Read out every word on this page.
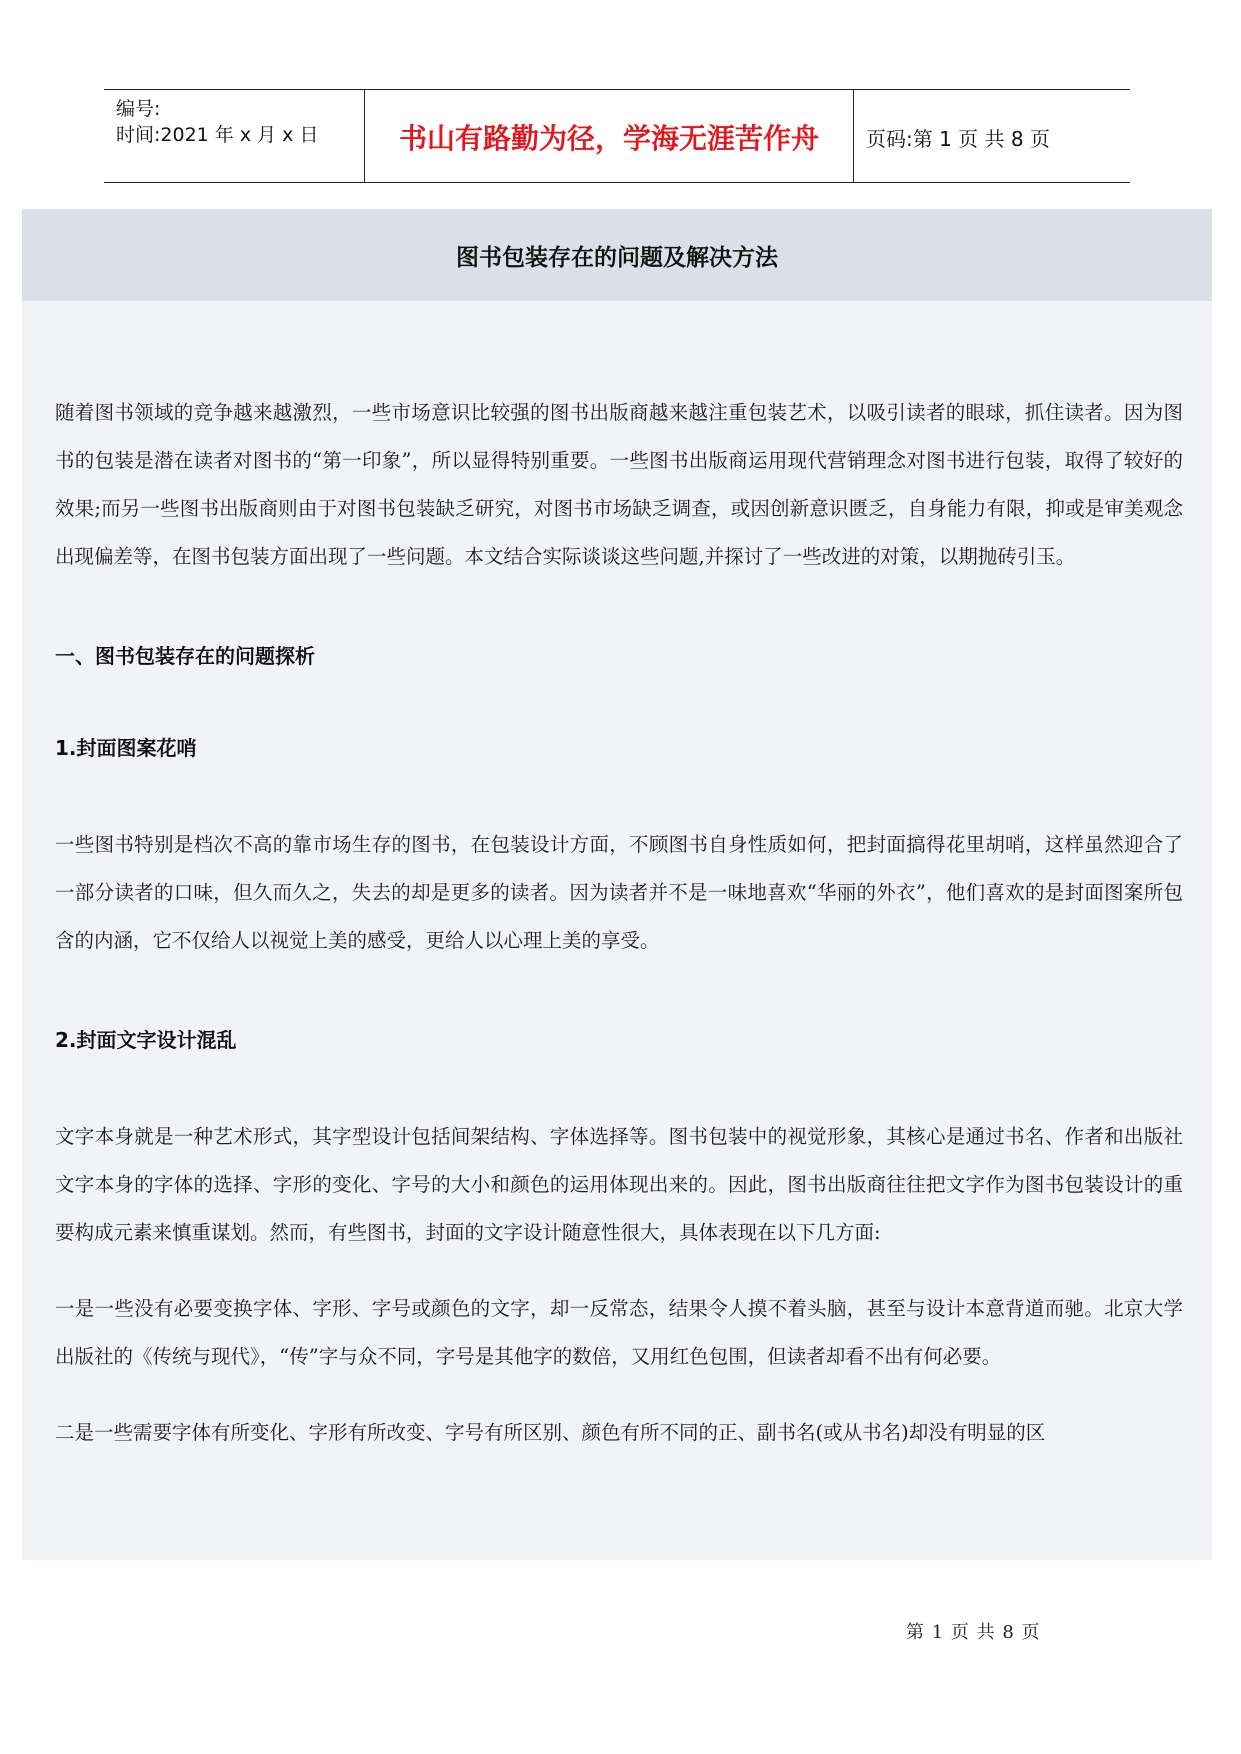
编号:
时间:2021 年 x 月 x 日	书山有路勤为径，学海无涯苦作舟	页码:第 1 页 共 8 页
图书包装存在的问题及解决方法

随着图书领域的竞争越来越激烈，一些市场意识比较强的图书出版商越来越注重包装艺术，以吸引读者的眼球，抓住读者。因为图书的包装是潜在读者对图书的“第一印象”，所以显得特别重要。一些图书出版商运用现代营销理念对图书进行包装，取得了较好的效果;而另一些图书出版商则由于对图书包装缺乏研究，对图书市场缺乏调查，或因创新意识匮乏，自身能力有限，抑或是审美观念出现偏差等，在图书包装方面出现了一些问题。本文结合实际谈谈这些问题,并探讨了一些改进的对策，以期抛砖引玉。

一、图书包装存在的问题探析

1.封面图案花哨

一些图书特别是档次不高的靠市场生存的图书，在包装设计方面，不顾图书自身性质如何，把封面搞得花里胡哨，这样虽然迎合了一部分读者的口味，但久而久之，失去的却是更多的读者。因为读者并不是一味地喜欢“华丽的外衣”，他们喜欢的是封面图案所包含的内涵，它不仅给人以视觉上美的感受，更给人以心理上美的享受。

2.封面文字设计混乱

文字本身就是一种艺术形式，其字型设计包括间架结构、字体选择等。图书包装中的视觉形象，其核心是通过书名、作者和出版社文字本身的字体的选择、字形的变化、字号的大小和颜色的运用体现出来的。因此，图书出版商往往把文字作为图书包装设计的重要构成元素来慎重谋划。然而，有些图书，封面的文字设计随意性很大，具体表现在以下几方面:

一是一些没有必要变换字体、字形、字号或颜色的文字，却一反常态，结果令人摸不着头脑，甚至与设计本意背道而驰。北京大学出版社的《传统与现代》，“传”字与众不同，字号是其他字的数倍，又用红色包围，但读者却看不出有何必要。

二是一些需要字体有所变化、字形有所改变、字号有所区别、颜色有所不同的正、副书名(或从书名)却没有明显的区

第 1 页 共 8 页
